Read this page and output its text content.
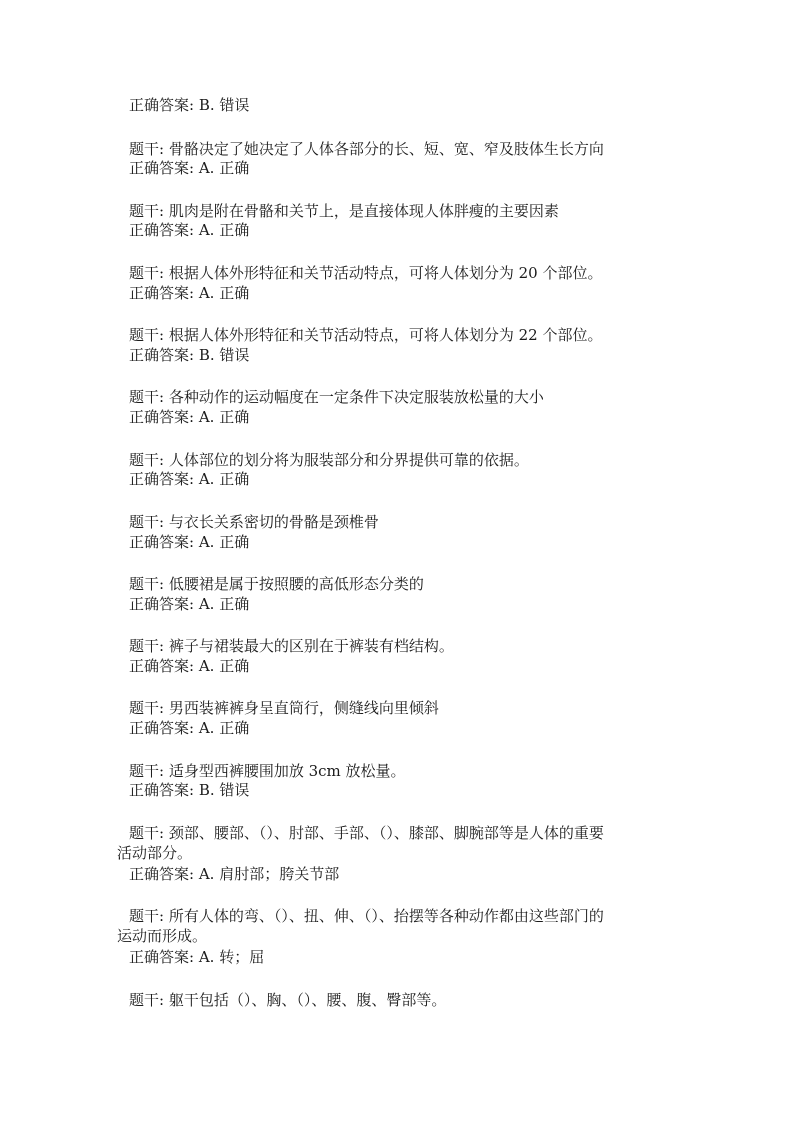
正确答案: B. 错误
题干: 骨骼决定了她决定了人体各部分的长、短、宽、窄及肢体生长方向
正确答案: A. 正确
题干: 肌肉是附在骨骼和关节上，是直接体现人体胖瘦的主要因素
正确答案: A. 正确
题干: 根据人体外形特征和关节活动特点，可将人体划分为 20 个部位。
正确答案: A. 正确
题干: 根据人体外形特征和关节活动特点，可将人体划分为 22 个部位。
正确答案: B. 错误
题干: 各种动作的运动幅度在一定条件下决定服装放松量的大小
正确答案: A. 正确
题干: 人体部位的划分将为服装部分和分界提供可靠的依据。
正确答案: A. 正确
题干: 与衣长关系密切的骨骼是颈椎骨
正确答案: A. 正确
题干: 低腰裙是属于按照腰的高低形态分类的
正确答案: A. 正确
题干: 裤子与裙装最大的区别在于裤装有档结构。
正确答案: A. 正确
题干: 男西装裤裤身呈直筒行，侧缝线向里倾斜
正确答案: A. 正确
题干: 适身型西裤腰围加放 3cm 放松量。
正确答案: B. 错误
题干: 颈部、腰部、（）、肘部、手部、（）、膝部、脚腕部等是人体的重要
活动部分。
正确答案: A. 肩肘部；胯关节部
题干: 所有人体的弯、（）、扭、伸、（）、抬摆等各种动作都由这些部门的
运动而形成。
正确答案: A. 转；屈
题干: 躯干包括（）、胸、（）、腰、腹、臀部等。
